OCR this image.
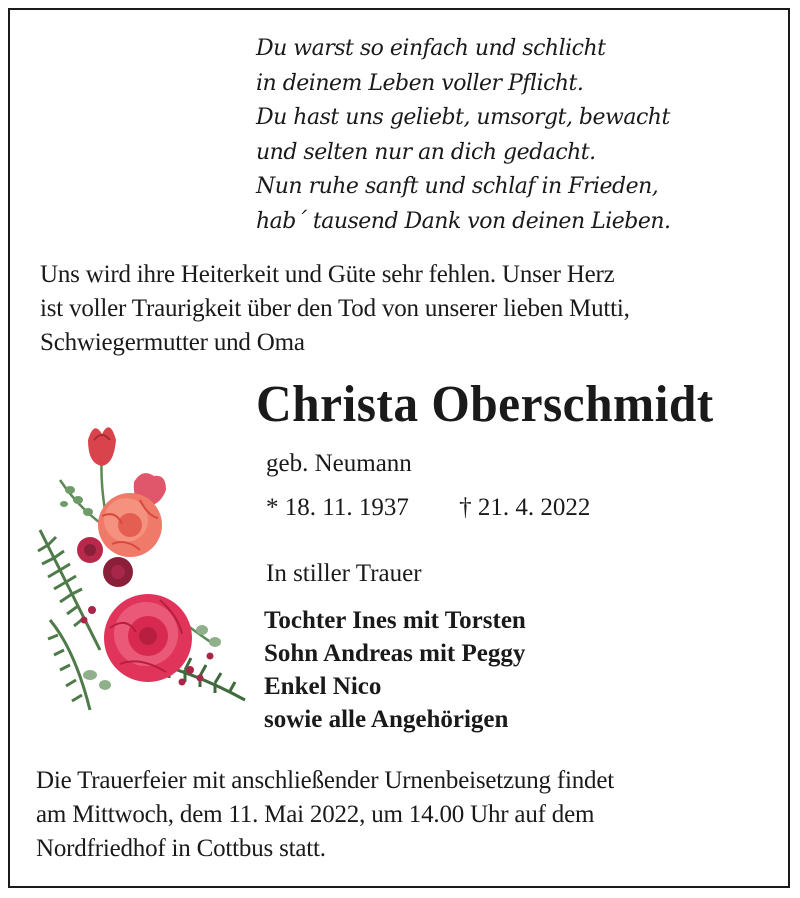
Du warst so einfach und schlicht
in deinem Leben voller Pflicht.
Du hast uns geliebt, umsorgt, bewacht
und selten nur an dich gedacht.
Nun ruhe sanft und schlaf in Frieden,
hab´ tausend Dank von deinen Lieben.
Uns wird ihre Heiterkeit und Güte sehr fehlen. Unser Herz
ist voller Traurigkeit über den Tod von unserer lieben Mutti,
Schwiegermutter und Oma
Christa Oberschmidt
geb. Neumann
* 18. 11. 1937 † 21. 4. 2022
In stiller Trauer
Tochter Ines mit Torsten
Sohn Andreas mit Peggy
Enkel Nico
sowie alle Angehörigen
Die Trauerfeier mit anschließender Urnenbeisetzung findet
am Mittwoch, dem 11. Mai 2022, um 14.00 Uhr auf dem
Nordfriedhof in Cottbus statt.
